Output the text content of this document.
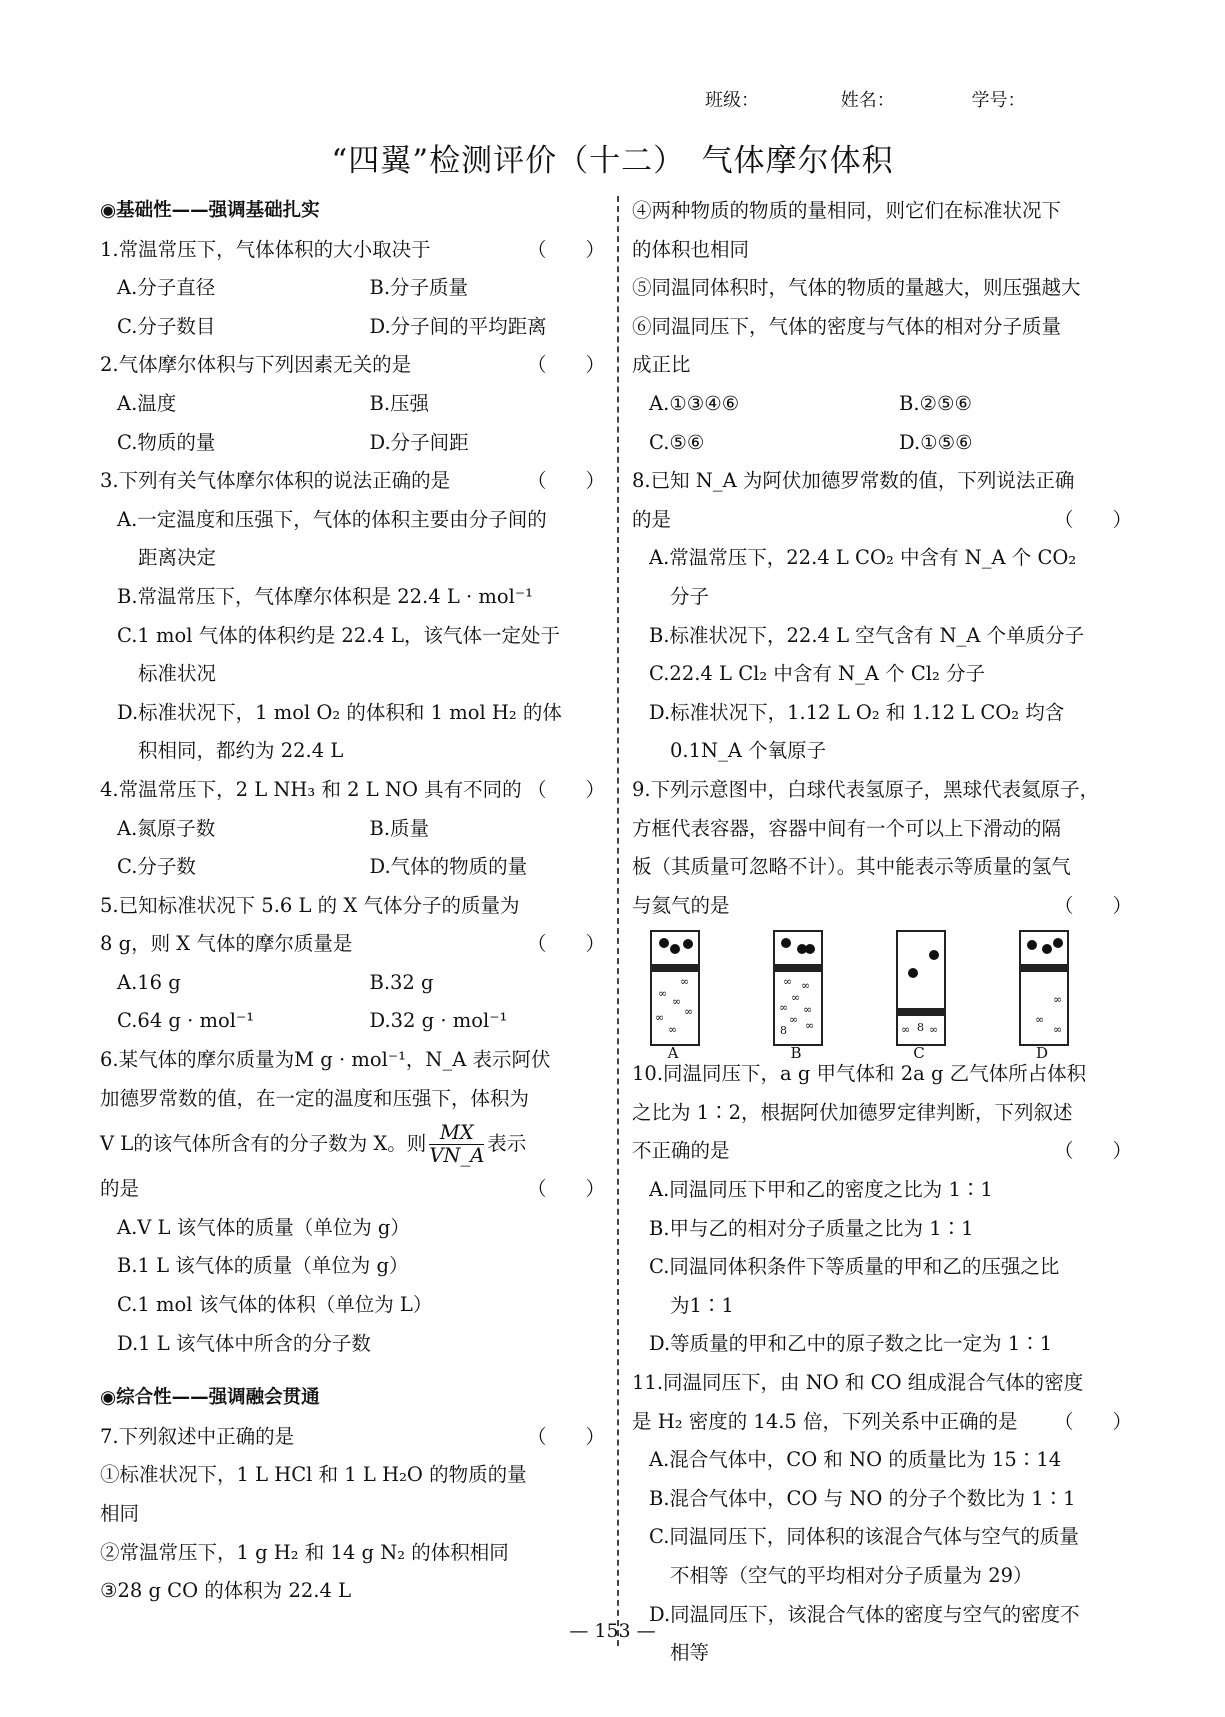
班级：	姓名：	学号：
“四翼”检测评价（十二）　气体摩尔体积
◉基础性——强调基础扎实
1.常温常压下，气体体积的大小取决于	（　　）
A.分子直径	B.分子质量
C.分子数目	D.分子间的平均距离
2.气体摩尔体积与下列因素无关的是	（　　）
A.温度	B.压强
C.物质的量	D.分子间距
3.下列有关气体摩尔体积的说法正确的是	（　　）
A.一定温度和压强下，气体的体积主要由分子间的
距离决定
B.常温常压下，气体摩尔体积是 22.4 L · mol⁻¹
C.1 mol 气体的体积约是 22.4 L，该气体一定处于
标准状况
D.标准状况下，1 mol O₂ 的体积和 1 mol H₂ 的体
积相同，都约为 22.4 L
4.常温常压下，2 L NH₃ 和 2 L NO 具有不同的 （　　）
A.氮原子数	B.质量
C.分子数	D.气体的物质的量
5.已知标准状况下 5.6 L 的 X 气体分子的质量为
8 g，则 X 气体的摩尔质量是	（　　）
A.16 g	B.32 g
C.64 g · mol⁻¹	D.32 g · mol⁻¹
6.某气体的摩尔质量为M g · mol⁻¹，N_A 表示阿伏
加德罗常数的值，在一定的温度和压强下，体积为
V L的该气体所含有的分子数为 X。则 $\frac{MX}{VN\_A}$ 表示
的是	（　　）
A.V L 该气体的质量（单位为 g）
B.1 L 该气体的质量（单位为 g）
C.1 mol 该气体的体积（单位为 L）
D.1 L 该气体中所含的分子数
◉综合性——强调融会贯通
7.下列叙述中正确的是	（　　）
①标准状况下，1 L HCl 和 1 L H₂O 的物质的量
相同
②常温常压下，1 g H₂ 和 14 g N₂ 的体积相同
③28 g CO 的体积为 22.4 L
④两种物质的物质的量相同，则它们在标准状况下
的体积也相同
⑤同温同体积时，气体的物质的量越大，则压强越大
⑥同温同压下，气体的密度与气体的相对分子质量
成正比
A.①③④⑥	B.②⑤⑥
C.⑤⑥	D.①⑤⑥
8.已知 N_A 为阿伏加德罗常数的值，下列说法正确
的是	（　　）
A.常温常压下，22.4 L CO₂ 中含有 N_A 个 CO₂
分子
B.标准状况下，22.4 L 空气含有 N_A 个单质分子
C.22.4 L Cl₂ 中含有 N_A 个 Cl₂ 分子
D.标准状况下，1.12 L O₂ 和 1.12 L CO₂ 均含
0.1N_A 个氧原子
9.下列示意图中，白球代表氢原子，黑球代表氦原子，
方框代表容器，容器中间有一个可以上下滑动的隔
板（其质量可忽略不计）。其中能表示等质量的氢气
与氦气的是	（　　）
∞
∞
∞
∞
∞
∞
A
∞ ∞
∞
∞ ∞
∞ ∞
8
B
∞ 8 ∞
C
∞
∞
∞
D
10.同温同压下，a g 甲气体和 2a g 乙气体所占体积
之比为 1∶2，根据阿伏加德罗定律判断，下列叙述
不正确的是	（　　）
A.同温同压下甲和乙的密度之比为 1∶1
B.甲与乙的相对分子质量之比为 1∶1
C.同温同体积条件下等质量的甲和乙的压强之比
为1∶1
D.等质量的甲和乙中的原子数之比一定为 1∶1
11.同温同压下，由 NO 和 CO 组成混合气体的密度
是 H₂ 密度的 14.5 倍，下列关系中正确的是 （　　）
A.混合气体中，CO 和 NO 的质量比为 15∶14
B.混合气体中，CO 与 NO 的分子个数比为 1∶1
C.同温同压下，同体积的该混合气体与空气的质量
不相等（空气的平均相对分子质量为 29）
D.同温同压下，该混合气体的密度与空气的密度不
相等
— 153 —
